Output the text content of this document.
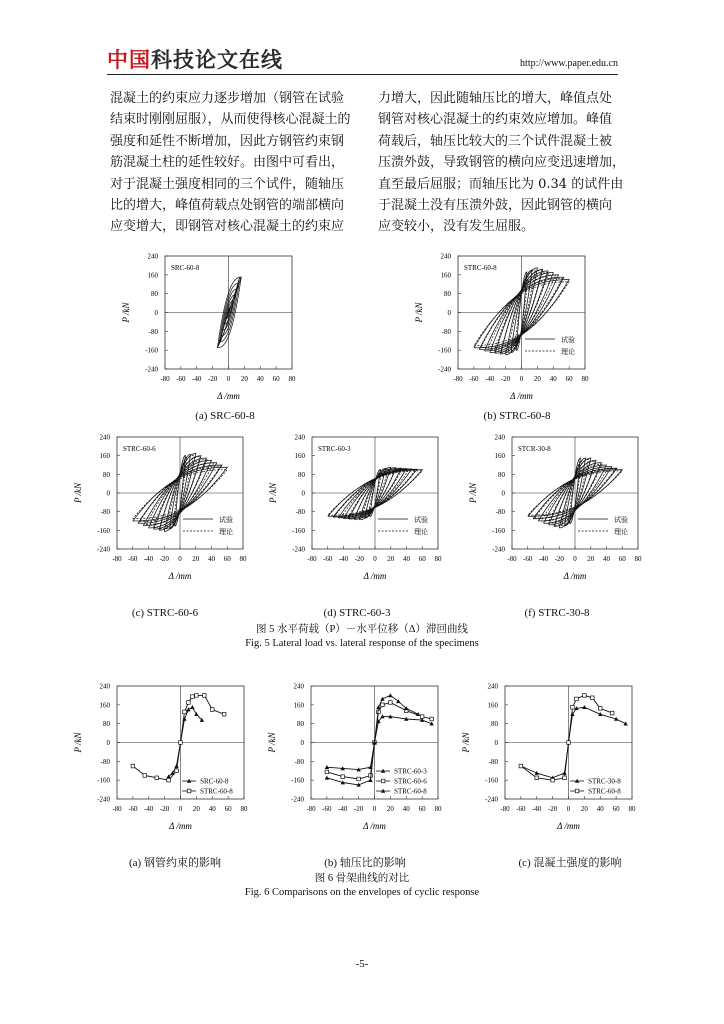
中国科技论文在线	http://www.paper.edu.cn
混凝土的约束应力逐步增加（钢管在试验
结束时刚刚屈服），从而使得核心混凝土的
强度和延性不断增加，因此方钢管约束钢
筋混凝土柱的延性较好。由图中可看出，
对于混凝土强度相同的三个试件，随轴压
比的增大，峰值荷载点处钢管的端部横向
应变增大，即钢管对核心混凝土的约束应
力增大，因此随轴压比的增大，峰值点处
钢管对核心混凝土的约束效应增加。峰值
荷载后，轴压比较大的三个试件混凝土被
压溃外鼓，导致钢管的横向应变迅速增加，
直至最后屈服；而轴压比为 0.34 的试件由
于混凝土没有压溃外鼓，因此钢管的横向
应变较小，没有发生屈服。
240
160
80
0
-80
-160
-240
-80 -60 -40 -20 0 20 40 60 80
P /kN
Δ /mm
SRC-60-8
240
160
80
0
-80
-160
-240
-80 -60 -40 -20 0 20 40 60 80
P /kN
Δ /mm
STRC-60-8
试验
理论
240
160
80
0
-80
-160
-240
-80 -60 -40 -20 0 20 40 60 80
P /kN
Δ /mm
STRC-60-6
试验
理论
240
160
80
0
-80
-160
-240
-80 -60 -40 -20 0 20 40 60 80
P /kN
Δ /mm
STRC-60-3
试验
理论
240
160
80
0
-80
-160
-240
-80 -60 -40 -20 0 20 40 60 80
P /kN
Δ /mm
STCR-30-8
试验
理论
240
160
80
0
-80
-160
-240
-80 -60 -40 -20 0 20 40 60 80
P /kN
Δ /mm
SRC-60-8
STRC-60-8
240
160
80
0
-80
-160
-240
-80 -60 -40 -20 0 20 40 60 80
P /kN
Δ /mm
STRC-60-3
STRC-60-6
STRC-60-8
240
160
80
0
-80
-160
-240
-80 -60 -40 -20 0 20 40 60 80
P /kN
Δ /mm
STRC-30-8
STRC-60-8
(a) SRC-60-8	(b) STRC-60-8
(c) STRC-60-6	(d) STRC-60-3	(f) STRC-30-8
图 5 水平荷载（P）－水平位移（Δ）滞回曲线
Fig. 5 Lateral load vs. lateral response of the specimens
(a) 钢管约束的影响	(b) 轴压比的影响	(c) 混凝土强度的影响
图 6 骨架曲线的对比
Fig. 6 Comparisons on the envelopes of cyclic response
-5-
